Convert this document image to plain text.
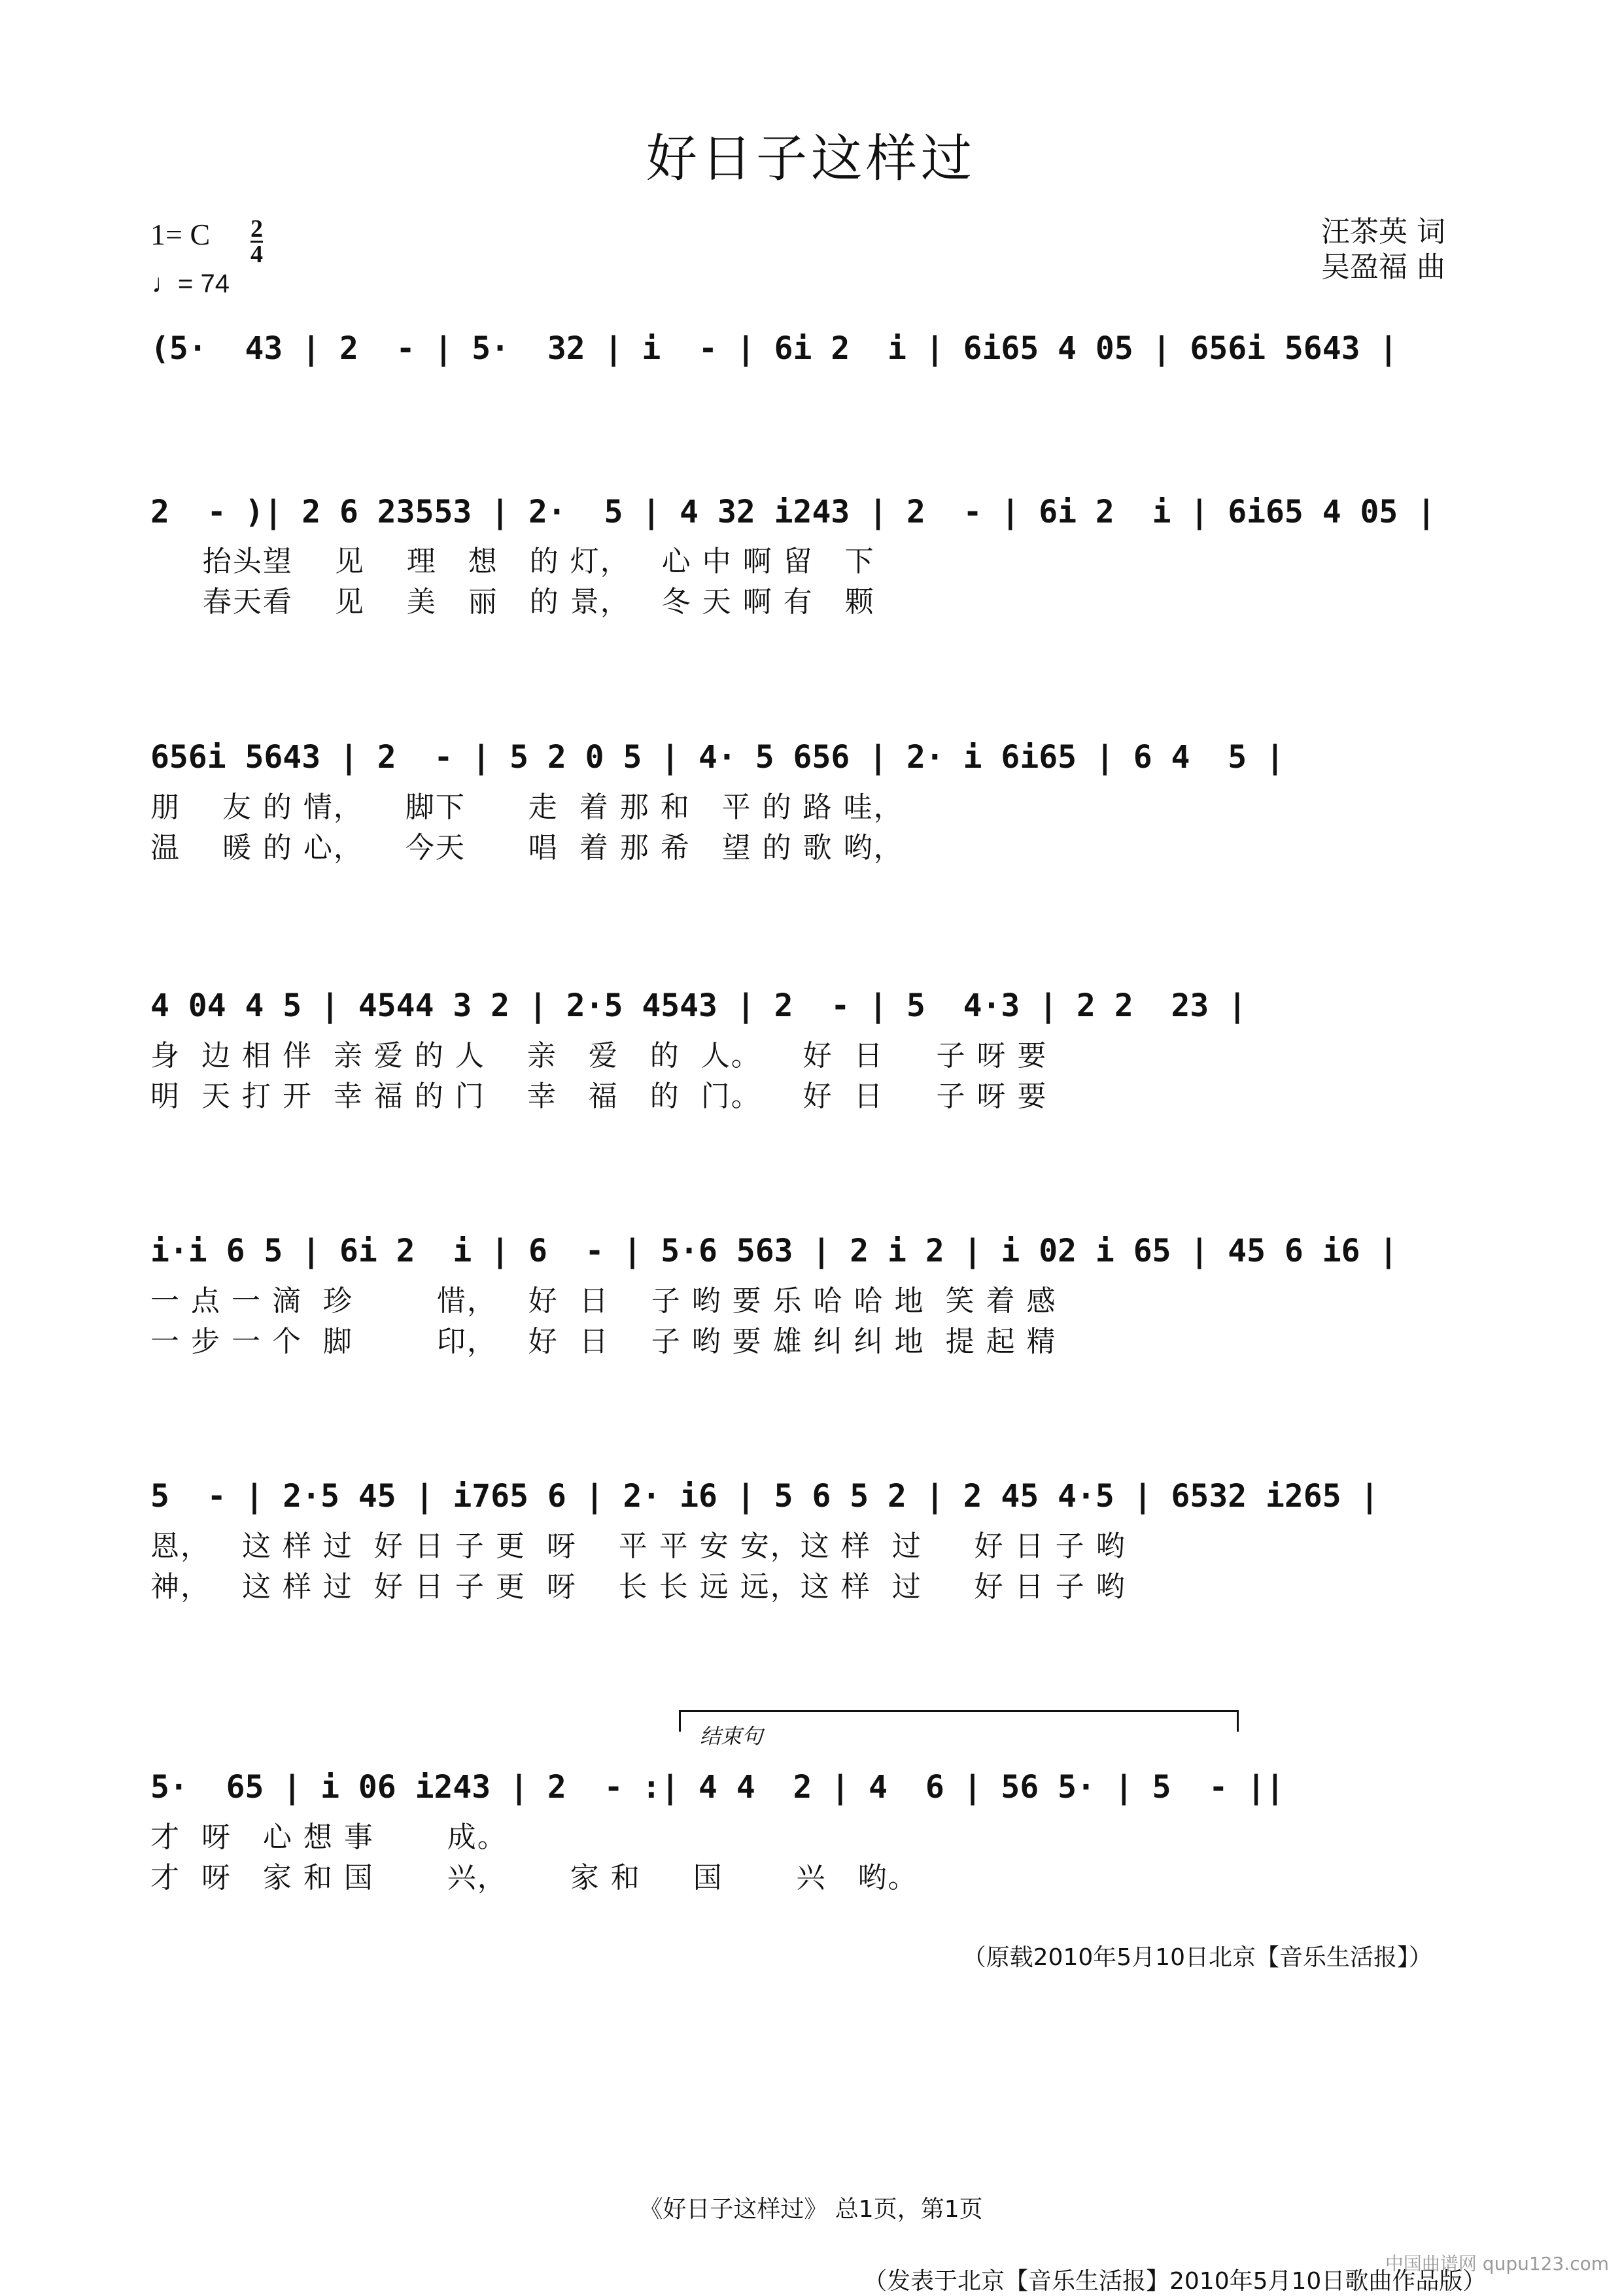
好日子这样过
1= C 2
4
♩= 74
汪茶英 词
吴盈福 曲
(5·  43 | 2  - | 5·  32 | i  - | 6i 2  i | 6i65 4 05 | 656i 5643 |
2  - )| 2 6 23553 | 2·  5 | 4 32 i243 | 2  - | 6i 2  i | 6i65 4 05 |
抬头望    见    理   想   的 灯，   心 中 啊 留   下
春天看    见    美   丽   的 景，   冬 天 啊 有   颗
656i 5643 | 2  - | 5 2 0 5 | 4· 5 656 | 2· i 6i65 | 6 4  5 |
朋    友 的 情，    脚下      走  着 那 和   平 的 路 哇，
温    暖 的 心，    今天      唱  着 那 希   望 的 歌 哟，
4 04 4 5 | 4544 3 2 | 2·5 4543 | 2  - | 5  4·3 | 2 2  23 |
身  边 相 伴  亲 爱 的 人    亲   爱   的  人。    好  日     子 呀 要
明  天 打 开  幸 福 的 门    幸   福   的  门。    好  日     子 呀 要
i·i 6 5 | 6i 2  i | 6  - | 5·6 563 | 2 i 2 | i 02 i 65 | 45 6 i6 |
一 点 一 滴  珍        惜，   好  日    子 哟 要 乐 哈 哈 地  笑 着 感
一 步 一 个  脚        印，   好  日    子 哟 要 雄 纠 纠 地  提 起 精
5  - | 2·5 45 | i765 6 | 2· i6 | 5 6 5 2 | 2 45 4·5 | 6532 i265 |
恩，   这 样 过  好 日 子 更  呀    平 平 安 安，这 样  过     好 日 子 哟
神，   这 样 过  好 日 子 更  呀    长 长 远 远，这 样  过     好 日 子 哟
结束句
5·  65 | i 06 i243 | 2  - :| 4 4  2 | 4  6 | 56 5· | 5  - ||
才  呀   心 想 事       成。
才  呀   家 和 国       兴，      家 和     国       兴   哟。
（原载2010年5月10日北京【音乐生活报】）
《好日子这样过》 总1页，第1页
（发表于北京【音乐生活报】2010年5月10日歌曲作品版）
中国曲谱网 qupu123.com
